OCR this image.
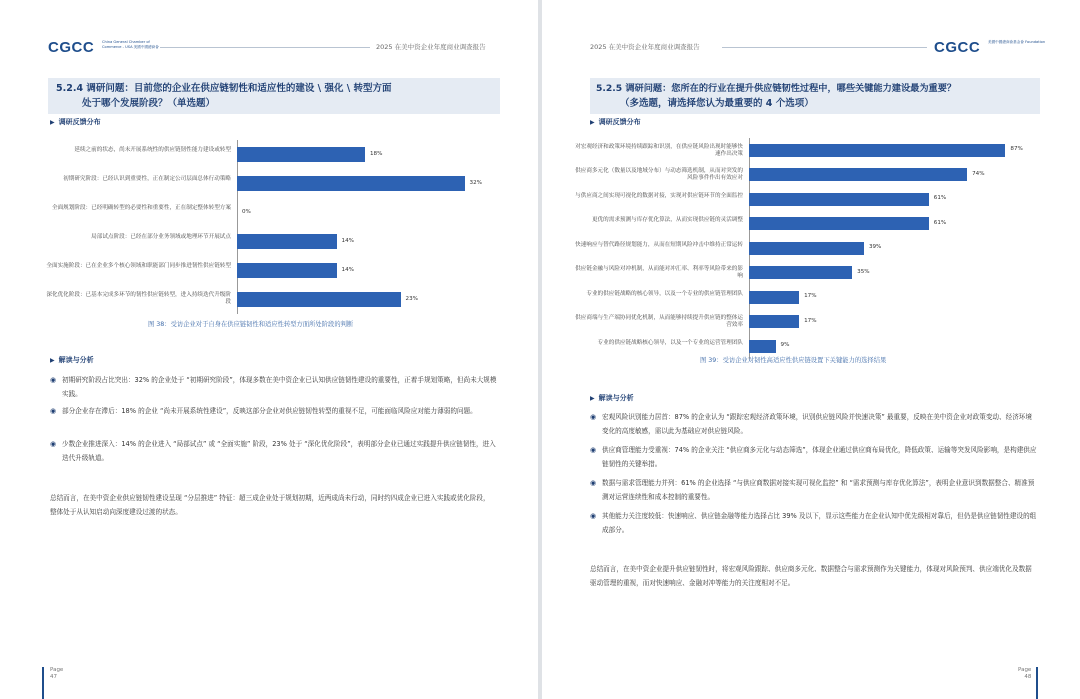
CGCC China General Chamber of Commerce - USA 美國中國總商會	2025 在美中资企业年度商业调查报告
5.2.4 调研问题：目前您的企业在供应链韧性和适应性的建设 \ 强化 \ 转型方面
处于哪个发展阶段？（单选题）
▶ 调研反馈分布
延续之前的状态，尚未开展系统性的供应链韧性能力建设或转型
18%
初期研究阶段：已经认识到重要性，正在制定公司层面总体行动策略
32%
全面规划阶段：已经明确转型的必要性和重要性，正在制定整体转型方案
0%
局部试点阶段：已经在部分业务领域或地理环节开展试点
14%
全面实施阶段：已在企业多个核心领域和职能部门同步推进韧性供应链转型
14%
深化优化阶段：已基本完成多环节的韧性供应链转型，进入持续迭代升级阶段
23%
图 38：受访企业对于自身在供应链韧性和适应性转型方面所处阶段的判断
▶ 解读与分析
◉ 初期研究阶段占比突出：32% 的企业处于 “初期研究阶段”，体现多数在美中资企业已认知供应链韧性建设的重要性，正着手规划策略，但尚未大规模实践。
◉ 部分企业存在滞后：18% 的企业 “尚未开展系统性建设”，反映这部分企业对供应链韧性转型的重视不足，可能面临风险应对能力薄弱的问题。
◉ 少数企业推进深入：14% 的企业进入 “局部试点” 或 “全面实施” 阶段，23% 处于 “深化优化阶段”，表明部分企业已通过实践提升供应链韧性，进入迭代升级轨道。
总结而言，在美中资企业供应链韧性建设呈现 “分层推进” 特征：超三成企业处于规划初期，近两成尚未行动，同时约四成企业已进入实践或优化阶段，整体处于从认知启动向深度建设过渡的状态。
Page
47
2025 在美中资企业年度商业调查报告	CGCC 美國中國總商會基金會 Foundation
5.2.5 调研问题：您所在的行业在提升供应链韧性过程中，哪些关键能力建设最为重要？
（多选题，请选择您认为最重要的 4 个选项）
▶ 调研反馈分布
对宏观经济和政策环境持续跟踪和识别，在供应链风险出现时能够快速作出决策
87%
供应商多元化（数量以及地域分布）与动态筛选机制，从而对突发的风险事件作出有效应对
74%
与供应商之间实现可视化的数据对接，实现对供应链环节的全面监控	61%
更优的需求预测与库存优化算法，从而实现供应链的灵活调整	61%
快速响应与替代路径规划能力，从而在短期风险冲击中维持正常运转	39%
供应链金融与风险对冲机制，从而能对冲汇率、利率等风险带来的影响
35%
专业的供应链战略的核心领导，以及一个专业的供应链管理团队	17%
供应商端与生产端协同优化机制，从而能够持续提升供应链的整体运营效率
17%
专业的供应链战略核心领导，以及一个专业的运营管理团队	9%
图 39：受访企业对韧性高适应性供应链设置下关键能力的选择结果
▶ 解读与分析
◉ 宏观风险识别能力居首：87% 的企业认为 “跟踪宏观经济政策环境，识别供应链风险并快速决策” 最重要，反映在美中资企业对政策变动、经济环境变化的高度敏感，需以此为基础应对供应链风险。
◉ 供应商管理能力受重视：74% 的企业关注 “供应商多元化与动态筛选”，体现企业通过供应商布局优化，降低政策、运输等突发风险影响，是构建供应链韧性的关键举措。
◉ 数据与需求管理能力并列：61% 的企业选择 “与供应商数据对接实现可视化监控” 和 “需求预测与库存优化算法”，表明企业意识到数据整合、精准预测对运营连续性和成本控制的重要性。
◉ 其他能力关注度较低：快速响应、供应链金融等能力选择占比 39% 及以下，显示这些能力在企业认知中优先级相对靠后，但仍是供应链韧性建设的组成部分。
总结而言，在美中资企业提升供应链韧性时，将宏观风险跟踪、供应商多元化、数据整合与需求预测作为关键能力，体现对风险预判、供应端优化及数据驱动管理的重视，而对快速响应、金融对冲等能力的关注度相对不足。
Page
48
